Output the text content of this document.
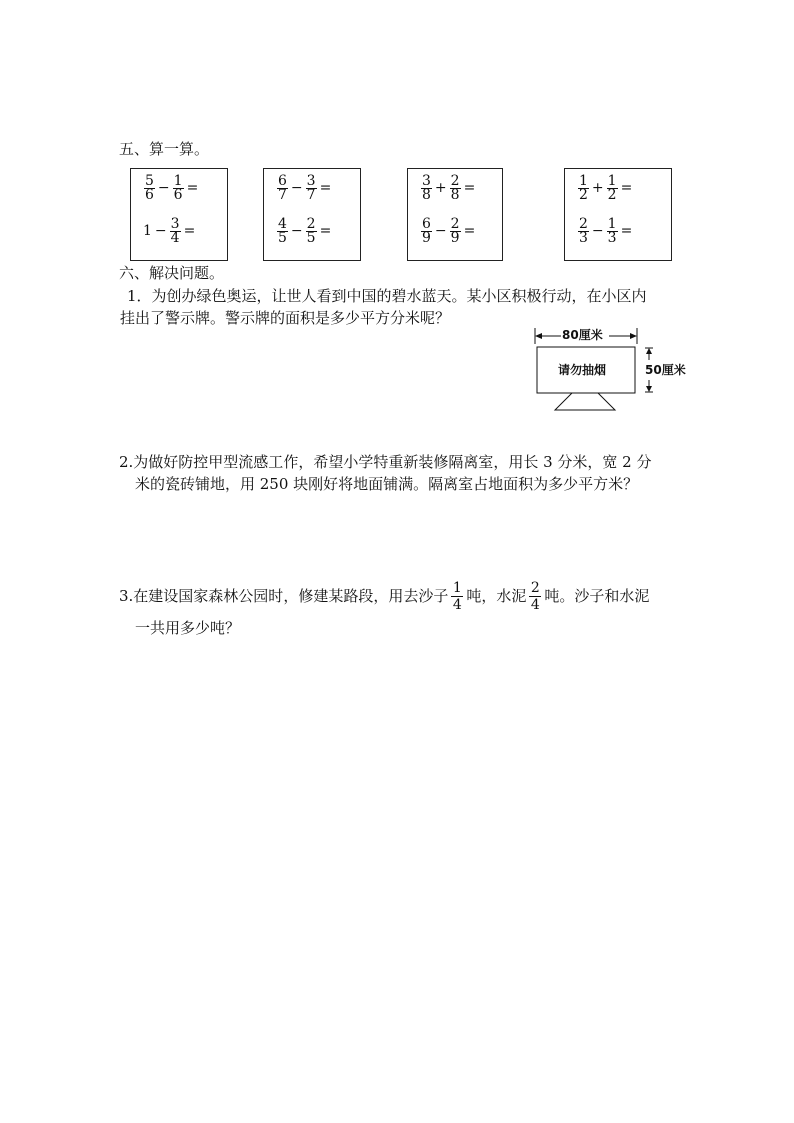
五、算一算。
$\frac{5}{6} - \frac{1}{6}$ =
$1 - \frac{3}{4}$ =
$\frac{6}{7} - \frac{3}{7}$ =
$\frac{4}{5} - \frac{2}{5}$ =
$\frac{3}{8} + \frac{2}{8}$ =
$\frac{6}{9} - \frac{2}{9}$ =
$\frac{1}{2} + \frac{1}{2}$ =
$\frac{2}{3} - \frac{1}{3}$ =
六、解决问题。
1．为创办绿色奥运，让世人看到中国的碧水蓝天。某小区积极行动，在小区内
挂出了警示牌。警示牌的面积是多少平方分米呢？
80厘米
50厘米
请勿抽烟
2.为做好防控甲型流感工作，希望小学特重新装修隔离室，用长 3 分米，宽 2 分
米的瓷砖铺地，用 250 块刚好将地面铺满。隔离室占地面积为多少平方米？
3.在建设国家森林公园时，修建某路段，用去沙子 $\frac{1}{4}$ 吨，水泥 $\frac{2}{4}$ 吨。沙子和水泥
一共用多少吨？
